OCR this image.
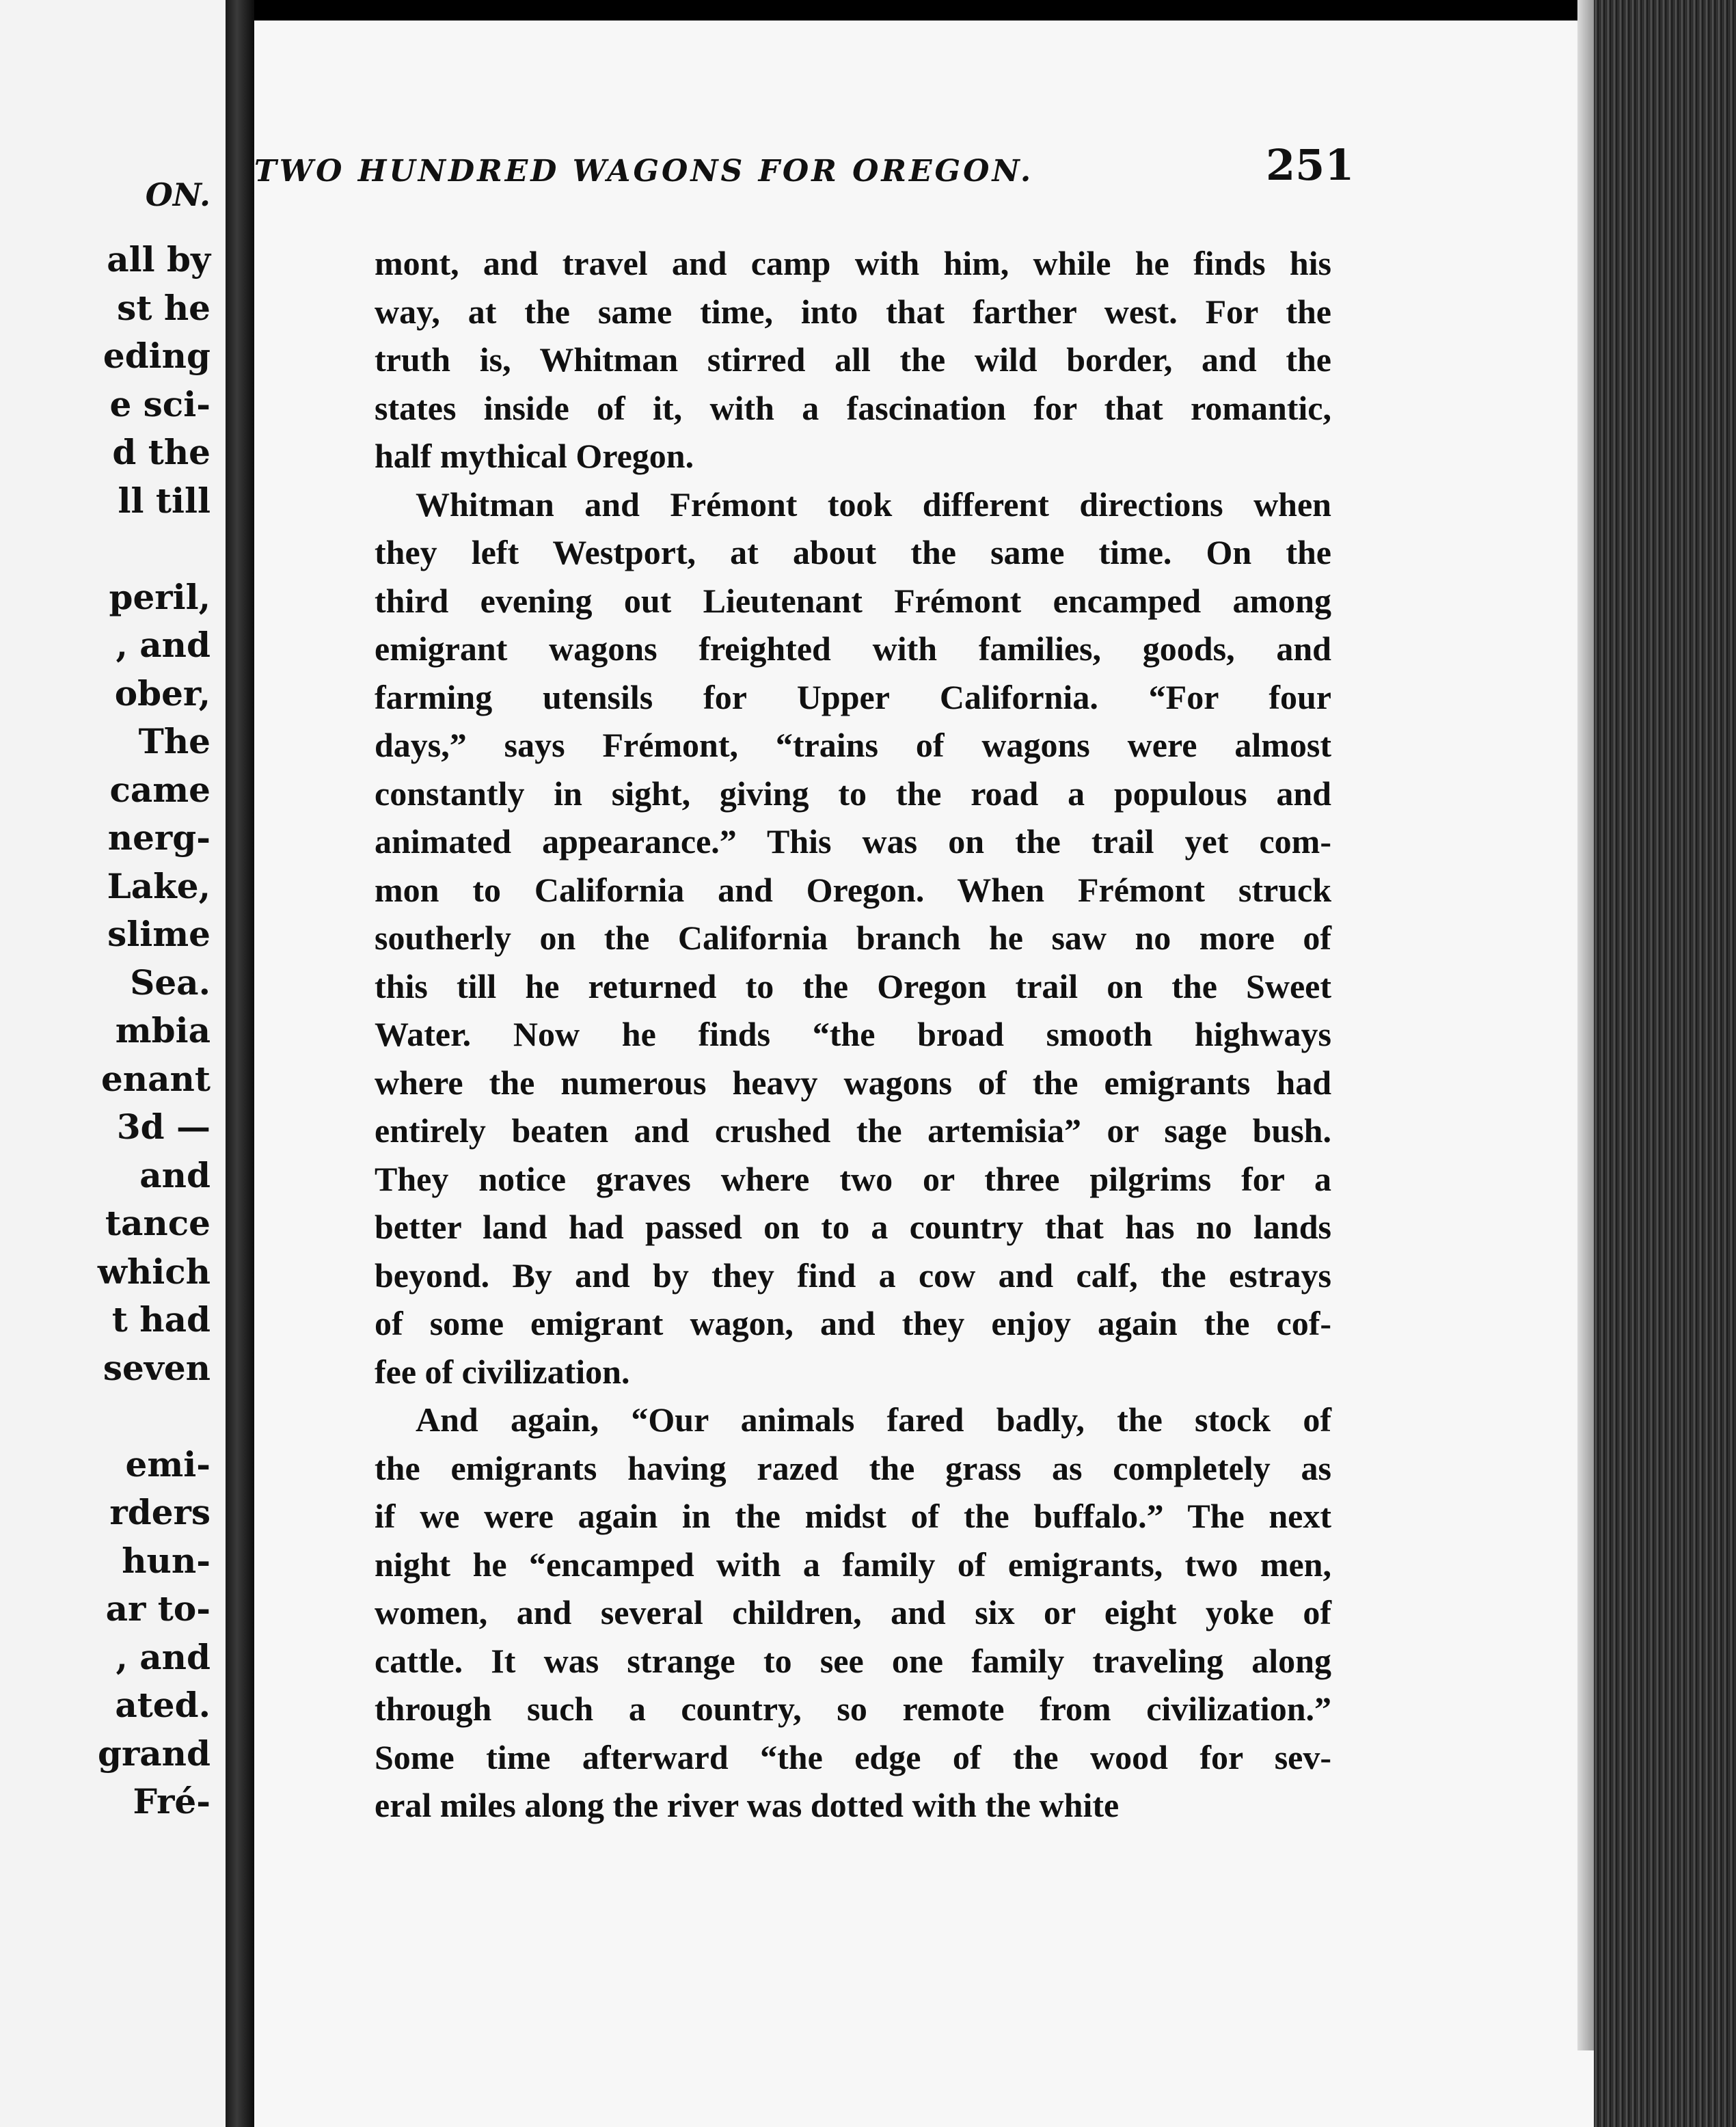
ON.
all by
st he
eding
e sci-
d the
ll till
peril,
, and
ober,
The
came
nerg-
Lake,
slime
Sea.
mbia
enant
3d —
and
tance
which
t had
seven
emi-
rders
hun-
ar to-
, and
ated.
grand
Fré-
TWO HUNDRED WAGONS FOR OREGON.	251
mont, and travel and camp with him, while he finds his
way, at the same time, into that farther west. For the
truth is, Whitman stirred all the wild border, and the
states inside of it, with a fascination for that romantic,
half mythical Oregon.
Whitman and Frémont took different directions when
they left Westport, at about the same time. On the
third evening out Lieutenant Frémont encamped among
emigrant wagons freighted with families, goods, and
farming utensils for Upper California. “For four
days,” says Frémont, “trains of wagons were almost
constantly in sight, giving to the road a populous and
animated appearance.” This was on the trail yet com-
mon to California and Oregon. When Frémont struck
southerly on the California branch he saw no more of
this till he returned to the Oregon trail on the Sweet
Water. Now he finds “the broad smooth highways
where the numerous heavy wagons of the emigrants had
entirely beaten and crushed the artemisia” or sage bush.
They notice graves where two or three pilgrims for a
better land had passed on to a country that has no lands
beyond. By and by they find a cow and calf, the estrays
of some emigrant wagon, and they enjoy again the cof-
fee of civilization.
And again, “Our animals fared badly, the stock of
the emigrants having razed the grass as completely as
if we were again in the midst of the buffalo.” The next
night he “encamped with a family of emigrants, two men,
women, and several children, and six or eight yoke of
cattle. It was strange to see one family traveling along
through such a country, so remote from civilization.”
Some time afterward “the edge of the wood for sev-
eral miles along the river was dotted with the white
